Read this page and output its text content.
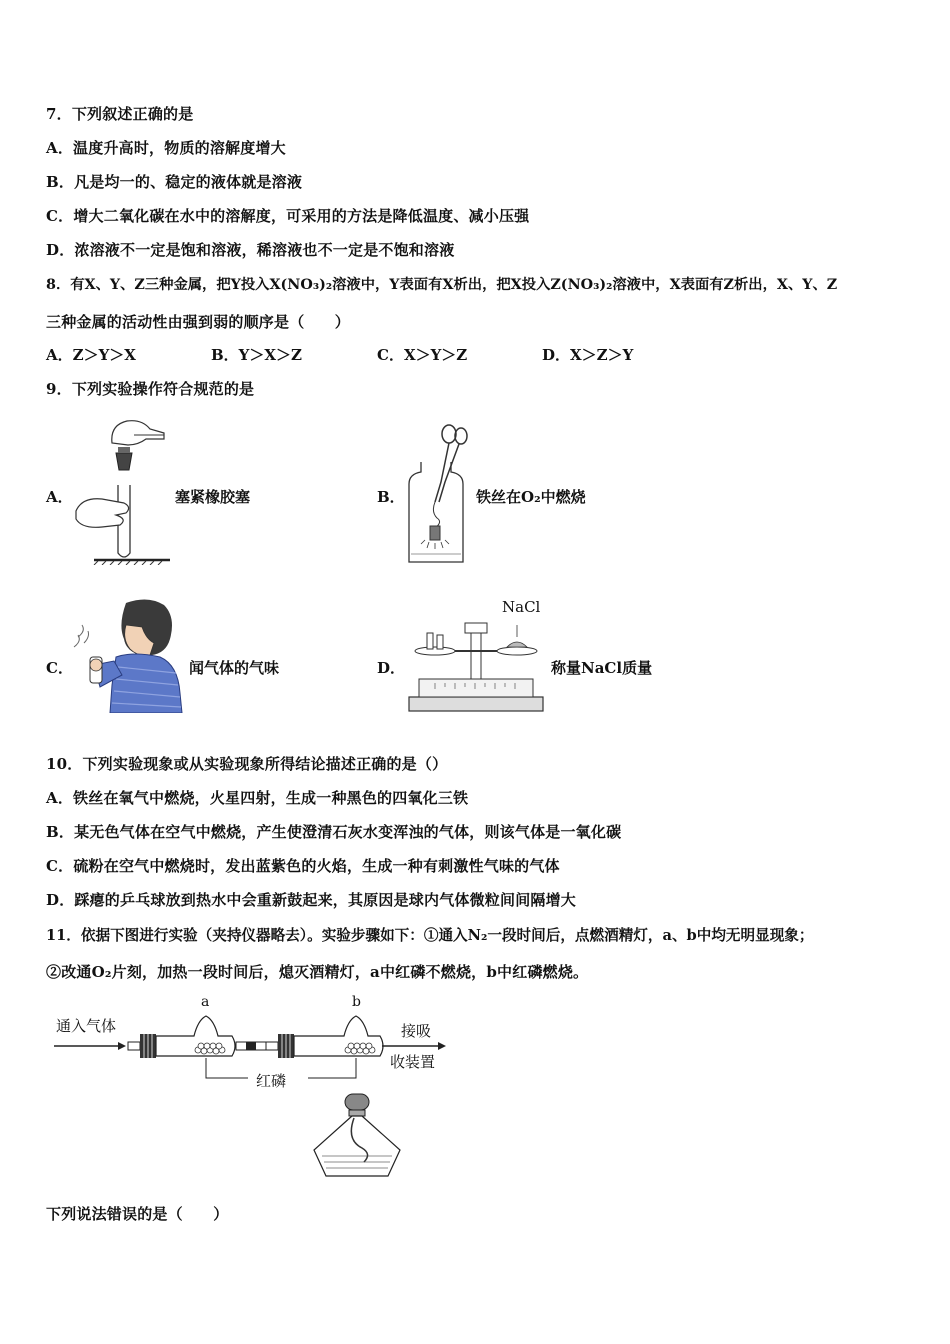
7．下列叙述正确的是
A．温度升高时，物质的溶解度增大
B．凡是均一的、稳定的液体就是溶液
C．增大二氧化碳在水中的溶解度，可采用的方法是降低温度、减小压强
D．浓溶液不一定是饱和溶液，稀溶液也不一定是不饱和溶液
8．有X、Y、Z三种金属，把Y投入X(NO₃)₂溶液中，Y表面有X析出，把X投入Z(NO₃)₂溶液中，X表面有Z析出，X、Y、Z
三种金属的活动性由强到弱的顺序是（　　）
A．Z＞Y＞X	B．Y＞X＞Z	C．X＞Y＞Z	D．X＞Z＞Y
9．下列实验操作符合规范的是
A．	塞紧橡胶塞	B．	铁丝在O₂中燃烧
C．	闻气体的气味	D．
NaCl
称量NaCl质量
10．下列实验现象或从实验现象所得结论描述正确的是（）
A．铁丝在氧气中燃烧，火星四射，生成一种黑色的四氧化三铁
B．某无色气体在空气中燃烧，产生使澄清石灰水变浑浊的气体，则该气体是一氧化碳
C．硫粉在空气中燃烧时，发出蓝紫色的火焰，生成一种有刺激性气味的气体
D．踩瘪的乒乓球放到热水中会重新鼓起来，其原因是球内气体微粒间间隔增大
11．依据下图进行实验（夹持仪器略去）。实验步骤如下：①通入N₂一段时间后，点燃酒精灯，a、b中均无明显现象；
②改通O₂片刻，加热一段时间后，熄灭酒精灯，a中红磷不燃烧，b中红磷燃烧。
通入气体
a	b
接吸
收装置
红磷
下列说法错误的是（　　）
